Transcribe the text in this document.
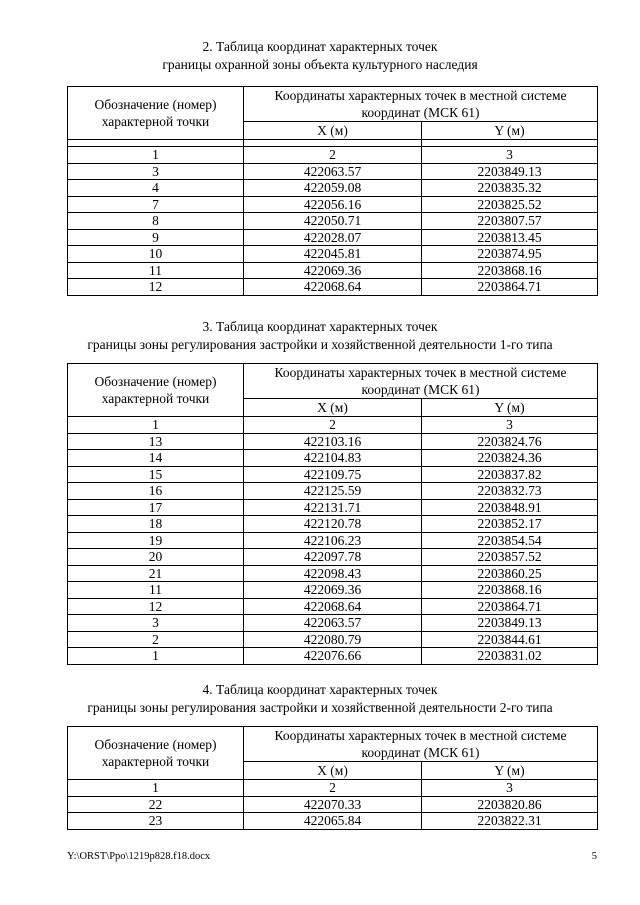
2. Таблица координат характерных точек
границы охранной зоны объекта культурного наследия
Обозначение (номер) характерной точки	Координаты характерных точек в местной системе координат (МСК 61)	
	X (м)	Y (м)

1	2	3
3	422063.57	2203849.13
4	422059.08	2203835.32
7	422056.16	2203825.52
8	422050.71	2203807.57
9	422028.07	2203813.45
10	422045.81	2203874.95
11	422069.36	2203868.16
12	422068.64	2203864.71
3. Таблица координат характерных точек
границы зоны регулирования застройки и хозяйственной деятельности 1-го типа
Обозначение (номер) характерной точки	Координаты характерных точек в местной системе координат (МСК 61)	
	X (м)	Y (м)
1	2	3
13	422103.16	2203824.76
14	422104.83	2203824.36
15	422109.75	2203837.82
16	422125.59	2203832.73
17	422131.71	2203848.91
18	422120.78	2203852.17
19	422106.23	2203854.54
20	422097.78	2203857.52
21	422098.43	2203860.25
11	422069.36	2203868.16
12	422068.64	2203864.71
3	422063.57	2203849.13
2	422080.79	2203844.61
1	422076.66	2203831.02
4. Таблица координат характерных точек
границы зоны регулирования застройки и хозяйственной деятельности 2-го типа
Обозначение (номер) характерной точки	Координаты характерных точек в местной системе координат (МСК 61)	
	X (м)	Y (м)
1	2	3
22	422070.33	2203820.86
23	422065.84	2203822.31
Y:\ORST\Ppo\1219p828.f18.docx	5
